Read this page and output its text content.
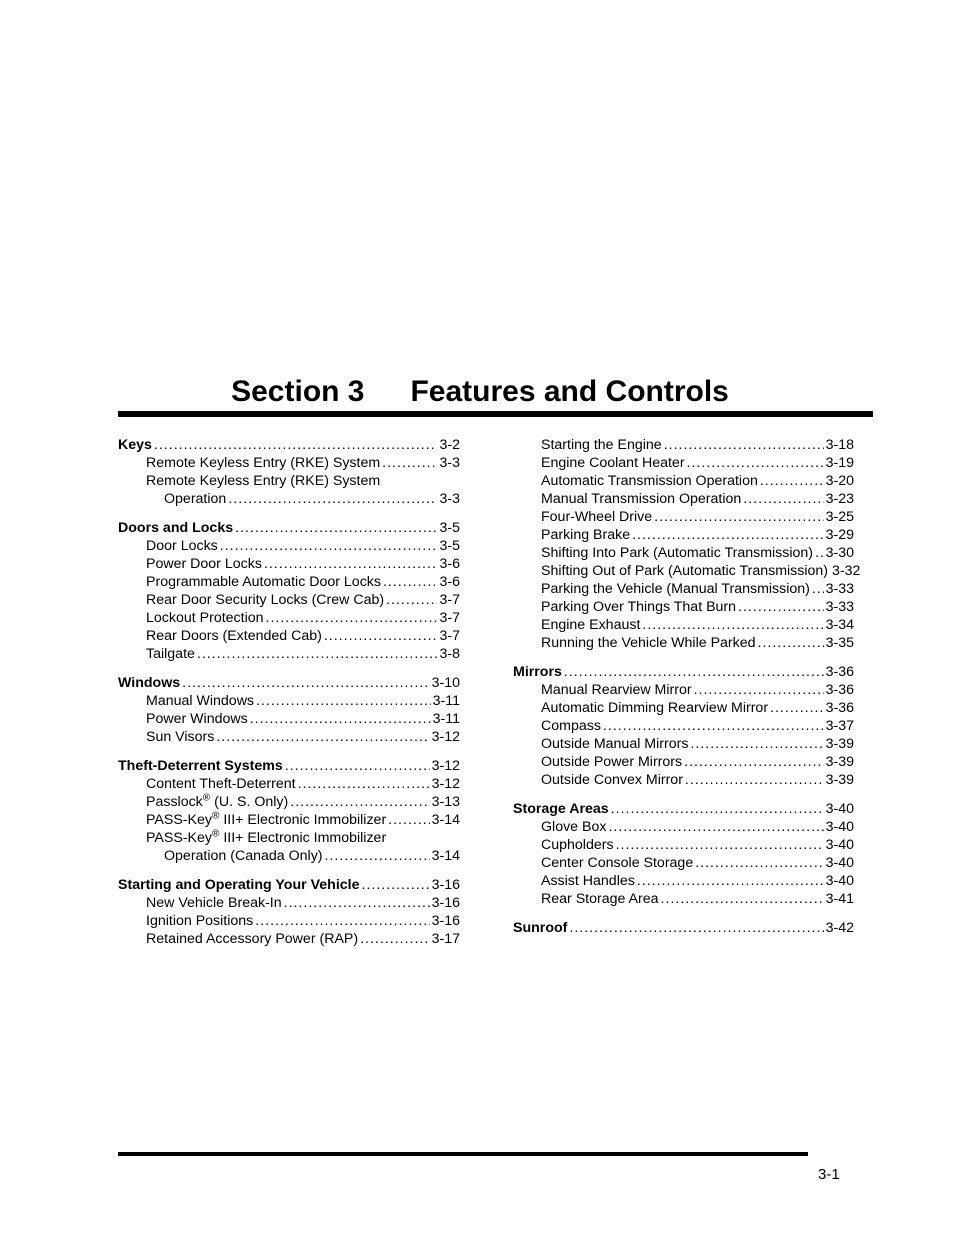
Section 3 Features and Controls
Keys .....	3-2
Remote Keyless Entry (RKE) System .....	3-3
Remote Keyless Entry (RKE) System
Operation .....	3-3
Doors and Locks .....	3-5
Door Locks .....	3-5
Power Door Locks .....	3-6
Programmable Automatic Door Locks .....	3-6
Rear Door Security Locks (Crew Cab) .....	3-7
Lockout Protection .....	3-7
Rear Doors (Extended Cab) .....	3-7
Tailgate .....	3-8
Windows .....	3-10
Manual Windows .....	3-11
Power Windows .....	3-11
Sun Visors .....	3-12
Theft-Deterrent Systems .....	3-12
Content Theft-Deterrent .....	3-12
Passlock® (U. S. Only) .....	3-13
PASS-Key® III+ Electronic Immobilizer .....	3-14
PASS-Key® III+ Electronic Immobilizer
Operation (Canada Only) .....	3-14
Starting and Operating Your Vehicle .....	3-16
New Vehicle Break-In .....	3-16
Ignition Positions .....	3-16
Retained Accessory Power (RAP) .....	3-17
Starting the Engine .....	3-18
Engine Coolant Heater .....	3-19
Automatic Transmission Operation .....	3-20
Manual Transmission Operation .....	3-23
Four-Wheel Drive .....	3-25
Parking Brake .....	3-29
Shifting Into Park (Automatic Transmission) ..... 3-30
Shifting Out of Park (Automatic Transmission) 3-32
Parking the Vehicle (Manual Transmission) ..... 3-33
Parking Over Things That Burn .....	3-33
Engine Exhaust .....	3-34
Running the Vehicle While Parked .....	3-35
Mirrors .....	3-36
Manual Rearview Mirror .....	3-36
Automatic Dimming Rearview Mirror .....	3-36
Compass .....	3-37
Outside Manual Mirrors .....	3-39
Outside Power Mirrors .....	3-39
Outside Convex Mirror .....	3-39
Storage Areas .....	3-40
Glove Box .....	3-40
Cupholders .....	3-40
Center Console Storage .....	3-40
Assist Handles .....	3-40
Rear Storage Area .....	3-41
Sunroof .....	3-42
3-1
